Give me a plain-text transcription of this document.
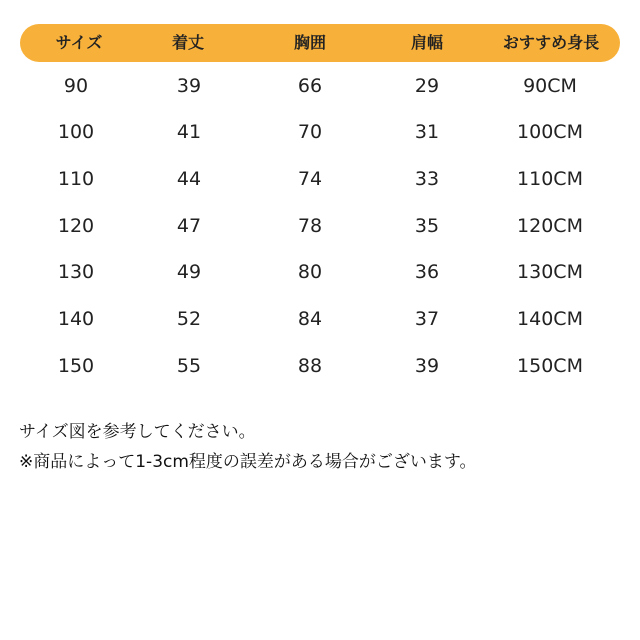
サイズ	着丈	胸囲	肩幅	おすすめ身長
90	39	66	29	90CM
100	41	70	31	100CM
110	44	74	33	110CM
120	47	78	35	120CM
130	49	80	36	130CM
140	52	84	37	140CM
150	55	88	39	150CM
サイズ図を参考してください。
※商品によって1-3cm程度の誤差がある場合がございます。
